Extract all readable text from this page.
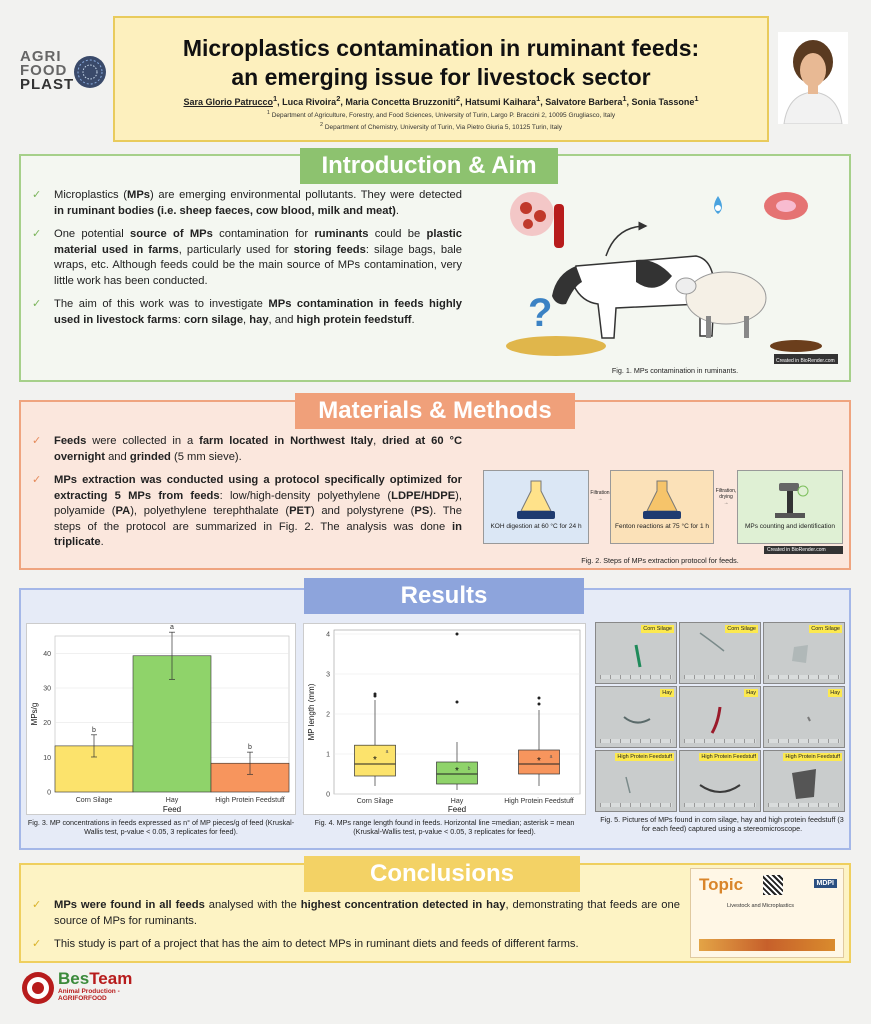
AGRI
FOOD
PLAST
Microplastics contamination in ruminant feeds:
an emerging issue for livestock sector
Sara Glorio Patrucco$^1$, Luca Rivoira$^2$, Maria Concetta Bruzzoniti$^2$, Hatsumi Kaihara$^1$, Salvatore Barbera$^1$, Sonia Tassone$^1$
$^1$ Department of Agriculture, Forestry, and Food Sciences, University of Turin, Largo P. Braccini 2, 10095 Grugliasco, Italy
$^2$ Department of Chemistry, University of Turin, Via Pietro Giuria 5, 10125 Turin, Italy
Introduction & Aim
✓ Microplastics (MPs) are emerging environmental pollutants. They were detected in ruminant bodies (i.e. sheep faeces, cow blood, milk and meat).
✓ One potential source of MPs contamination for ruminants could be plastic material used in farms, particularly used for storing feeds: silage bags, bale wraps, etc. Although feeds could be the main source of MPs contamination, very little work has been conducted.
✓ The aim of this work was to investigate MPs contamination in feeds highly used in livestock farms: corn silage, hay, and high protein feedstuff.	?
Created in BioRender.com
Fig. 1. MPs contamination in ruminants.
Materials & Methods
✓ Feeds were collected in a farm located in Northwest Italy, dried at 60 °C overnight and grinded (5 mm sieve).
✓ MPs extraction was conducted using a protocol specifically optimized for extracting 5 MPs from feeds: low/high-density polyethylene (LDPE/HDPE), polyamide (PA), polyethylene terephthalate (PET) and polystyrene (PS). The steps of the protocol are summarized in Fig. 2. The analysis was done in triplicate.
KOH digestion at 60 °C for 24 h
Filtration
→
Fenton reactions at 75 °C for 1 h
Filtration, drying
→
MPs counting and identification
Created in BioRender.com
Fig. 2. Steps of MPs extraction protocol for feeds.
Results
0
10
20
30
40
b
Corn Silage
a
Hay
b
High Protein Feedstuff
Feed
MPs/g
Fig. 3. MP concentrations in feeds expressed as n° of MP pieces/g of feed (Kruskal-Wallis test, p-value < 0.05, 3 replicates for feed).
0
1
2
3
4
*
a
Corn Silage
* b
Hay
* a
High Protein Feedstuff
Feed
MP length (mm)
Fig. 4. MPs range length found in feeds. Horizontal line =median; asterisk = mean (Kruskal-Wallis test, p-value < 0.05, 3 replicates for feed).
Corn Silage	Corn Silage	Corn Silage
Hay	Hay	Hay
High Protein Feedstuff	High Protein Feedstuff	High Protein Feedstuff
Fig. 5. Pictures of MPs found in corn silage, hay and high protein feedstuff (3 for each feed) captured using a stereomicroscope.
Conclusions
✓ MPs were found in all feeds analysed with the highest concentration detected in hay, demonstrating that feeds are one source of MPs for ruminants.
✓ This study is part of a project that has the aim to detect MPs in ruminant diets and feeds of different farms.
Topic	MDPI
Livestock and Microplastics
BesTeam
Animal Production - AGRIFORFOOD
